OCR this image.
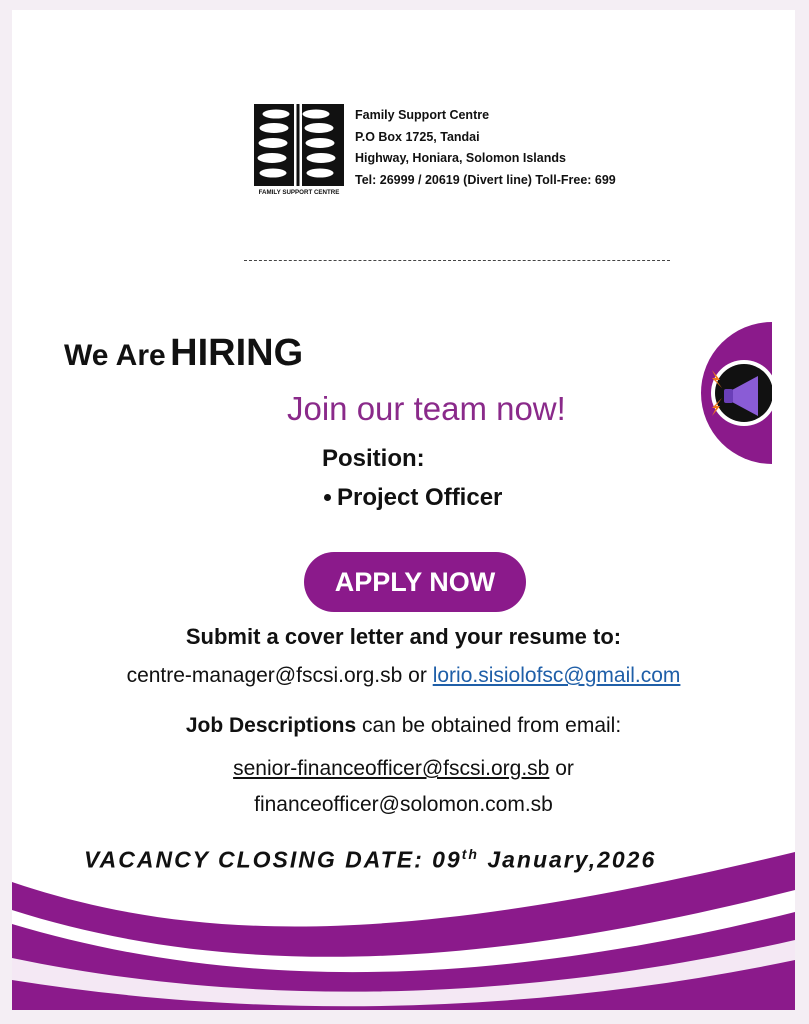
FAMILY SUPPORT CENTRE
Family Support Centre
P.O Box 1725, Tandai
Highway, Honiara, Solomon Islands
Tel: 26999 / 20619 (Divert line) Toll-Free: 699
We Are HIRING
Join our team now!
Position:
Project Officer
APPLY NOW
Submit a cover letter and your resume to:
centre-manager@fscsi.org.sb or lorio.sisiolofsc@gmail.com
Job Descriptions can be obtained from email:
senior-financeofficer@fscsi.org.sb or
financeofficer@solomon.com.sb
VACANCY CLOSING DATE: 09th January,2026
